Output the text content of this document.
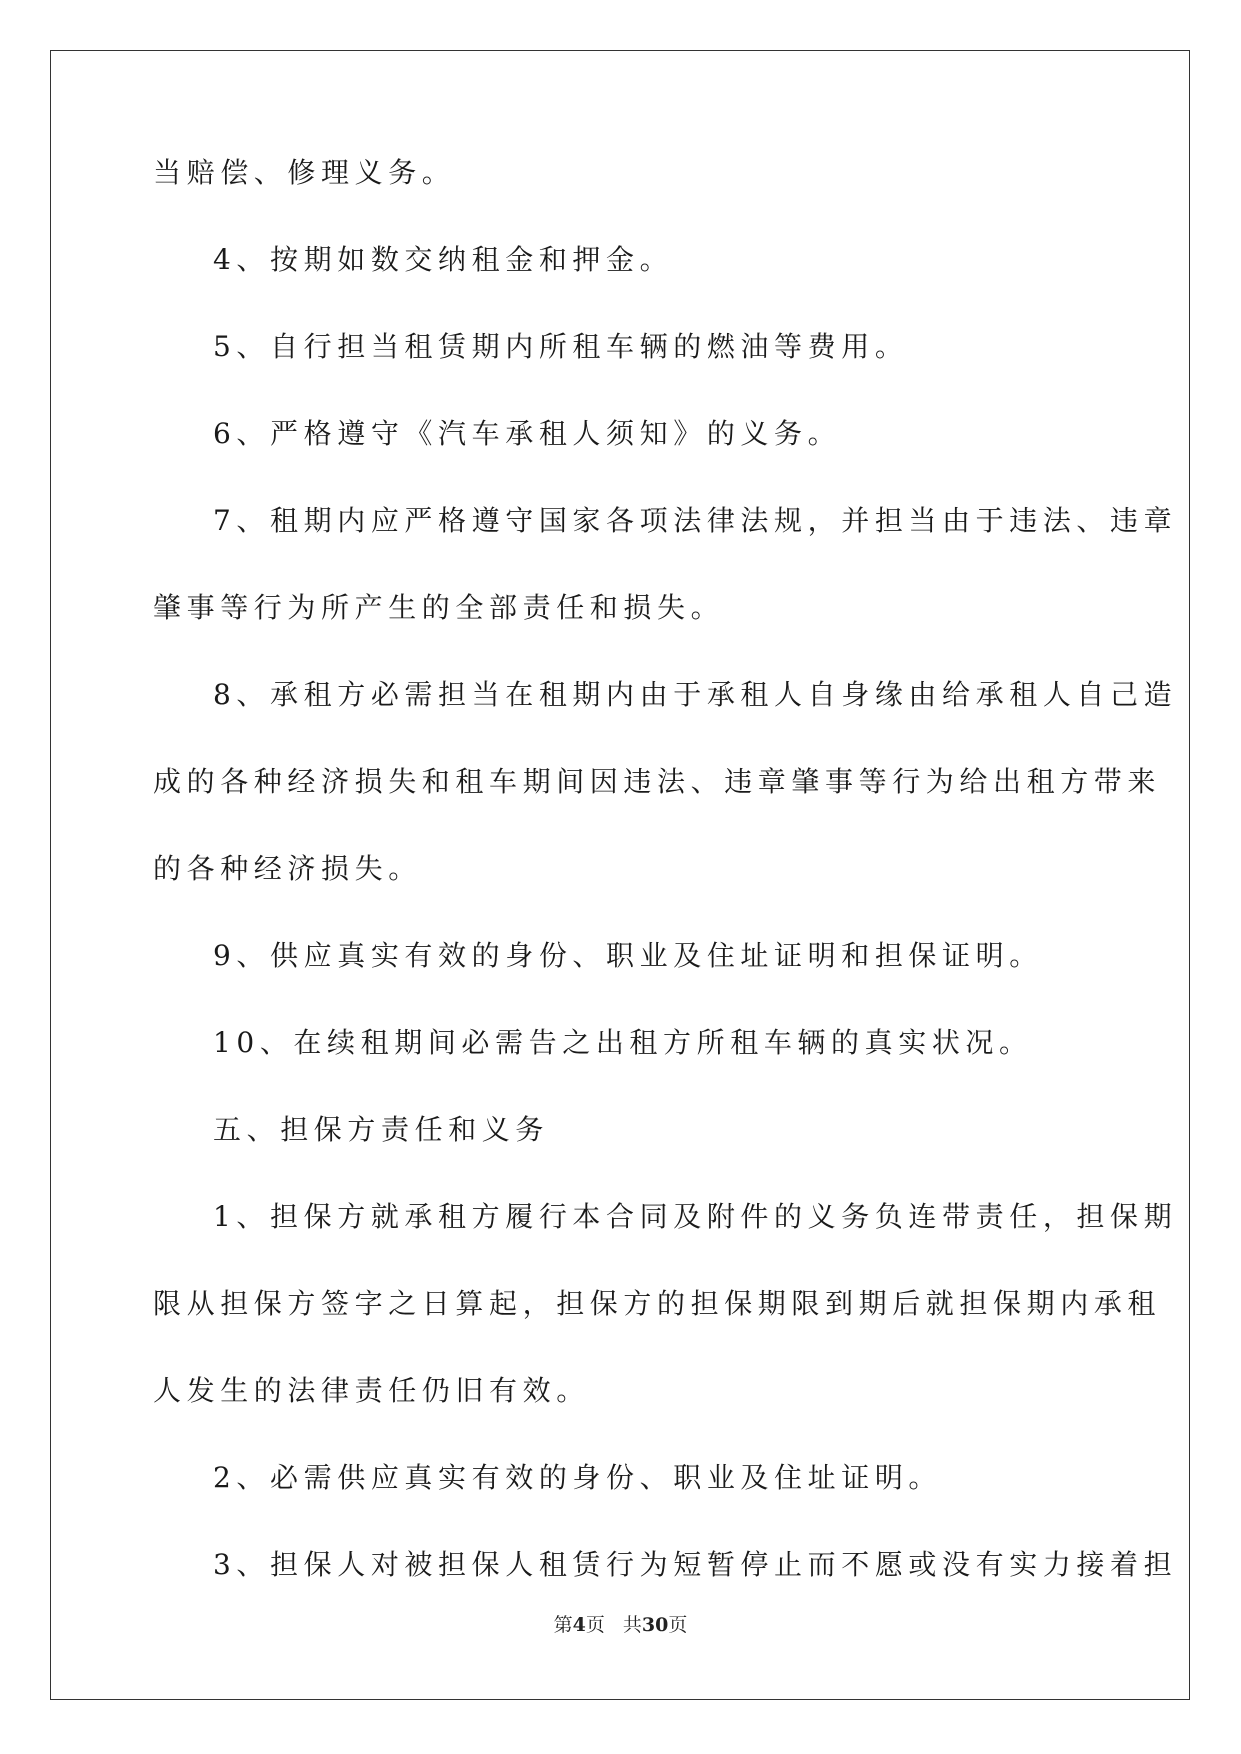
当赔偿、修理义务。
4、按期如数交纳租金和押金。
5、自行担当租赁期内所租车辆的燃油等费用。
6、严格遵守《汽车承租人须知》的义务。
7、租期内应严格遵守国家各项法律法规，并担当由于违法、违章
肇事等行为所产生的全部责任和损失。
8、承租方必需担当在租期内由于承租人自身缘由给承租人自己造
成的各种经济损失和租车期间因违法、违章肇事等行为给出租方带来
的各种经济损失。
9、供应真实有效的身份、职业及住址证明和担保证明。
10、在续租期间必需告之出租方所租车辆的真实状况。
五、担保方责任和义务
1、担保方就承租方履行本合同及附件的义务负连带责任，担保期
限从担保方签字之日算起，担保方的担保期限到期后就担保期内承租
人发生的法律责任仍旧有效。
2、必需供应真实有效的身份、职业及住址证明。
3、担保人对被担保人租赁行为短暂停止而不愿或没有实力接着担
第4页 共30页
